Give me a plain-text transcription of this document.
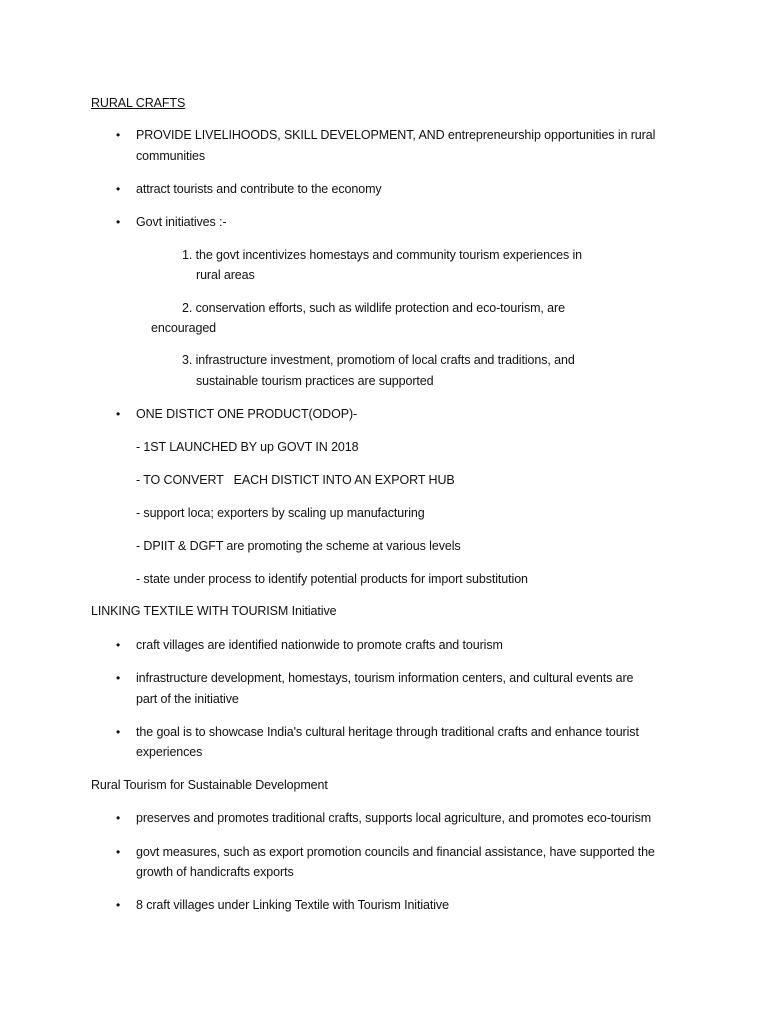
RURAL CRAFTS
• PROVIDE LIVELIHOODS, SKILL DEVELOPMENT, AND entrepreneurship opportunities in rural
communities
• attract tourists and contribute to the economy
• Govt initiatives :-
1. the govt incentivizes homestays and community tourism experiences in
rural areas
2. conservation efforts, such as wildlife protection and eco-tourism, are
encouraged
3. infrastructure investment, promotiom of local crafts and traditions, and
sustainable tourism practices are supported
• ONE DISTICT ONE PRODUCT(ODOP)-
- 1ST LAUNCHED BY up GOVT IN 2018
- TO CONVERT   EACH DISTICT INTO AN EXPORT HUB
- support loca; exporters by scaling up manufacturing
- DPIIT & DGFT are promoting the scheme at various levels
- state under process to identify potential products for import substitution
LINKING TEXTILE WITH TOURISM Initiative
• craft villages are identified nationwide to promote crafts and tourism
• infrastructure development, homestays, tourism information centers, and cultural events are
part of the initiative
• the goal is to showcase India's cultural heritage through traditional crafts and enhance tourist
experiences
Rural Tourism for Sustainable Development
• preserves and promotes traditional crafts, supports local agriculture, and promotes eco-tourism
• govt measures, such as export promotion councils and financial assistance, have supported the
growth of handicrafts exports
• 8 craft villages under Linking Textile with Tourism Initiative
